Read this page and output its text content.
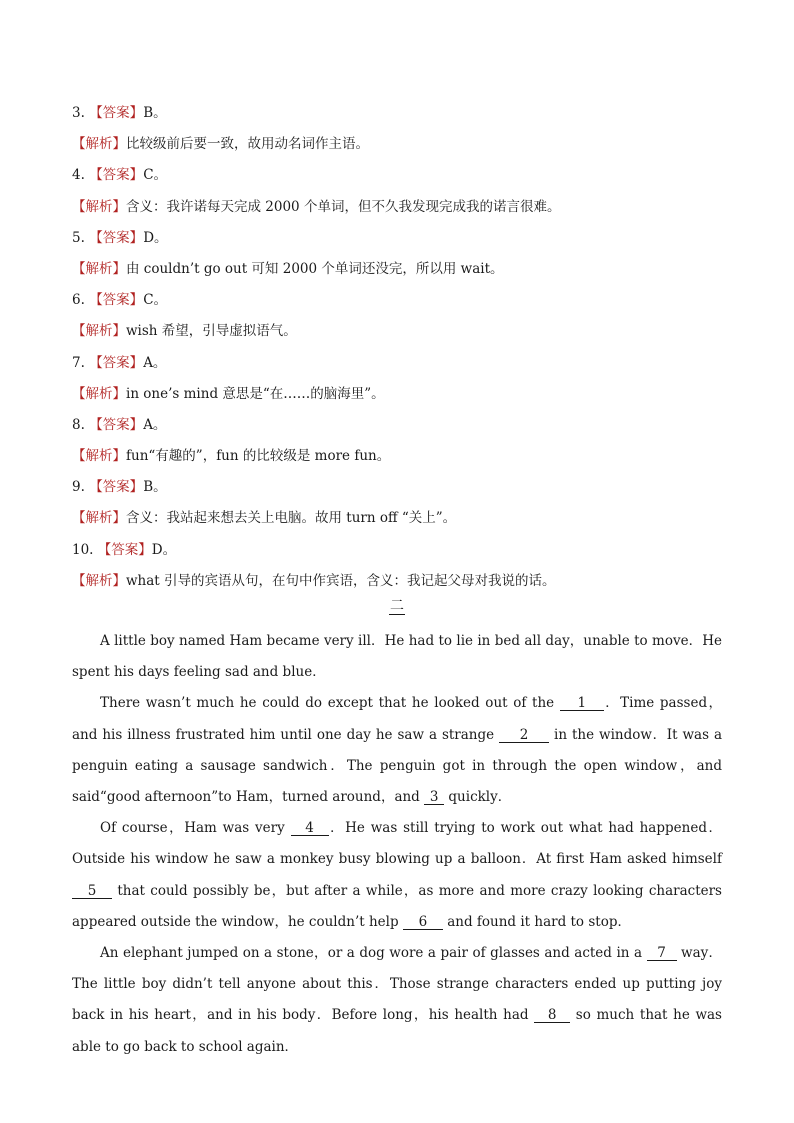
3. 【答案】B。
【解析】比较级前后要一致，故用动名词作主语。
4. 【答案】C。
【解析】含义：我许诺每天完成 2000 个单词，但不久我发现完成我的诺言很难。
5. 【答案】D。
【解析】由 couldn’t go out 可知 2000 个单词还没完，所以用 wait。
6. 【答案】C。
【解析】wish 希望，引导虚拟语气。
7. 【答案】A。
【解析】in one’s mind 意思是“在……的脑海里”。
8. 【答案】A。
【解析】fun“有趣的”，fun 的比较级是 more fun。
9. 【答案】B。
【解析】含义：我站起来想去关上电脑。故用 turn off “关上”。
10. 【答案】D。
【解析】what 引导的宾语从句，在句中作宾语，含义：我记起父母对我说的话。
二

A little boy named Ham became very ill．He had to lie in bed all day，unable to move．He spent his days feeling sad and blue．

There wasn’t much he could do except that he looked out of the 1 ．Time passed，and his illness frustrated him until one day he saw a strange 2 in the window．It was a penguin eating a sausage sandwich．The penguin got in through the open window，and said“good afternoon”to Ham，turned around，and 3 quickly．

Of course，Ham was very 4 ．He was still trying to work out what had happened．Outside his window he saw a monkey busy blowing up a balloon．At first Ham asked himself 5 that could possibly be，but after a while，as more and more crazy looking characters appeared outside the window，he couldn’t help 6 and found it hard to stop．

An elephant jumped on a stone，or a dog wore a pair of glasses and acted in a 7 way．The little boy didn’t tell anyone about this．Those strange characters ended up putting joy back in his heart，and in his body．Before long，his health had 8 so much that he was able to go back to school again．
